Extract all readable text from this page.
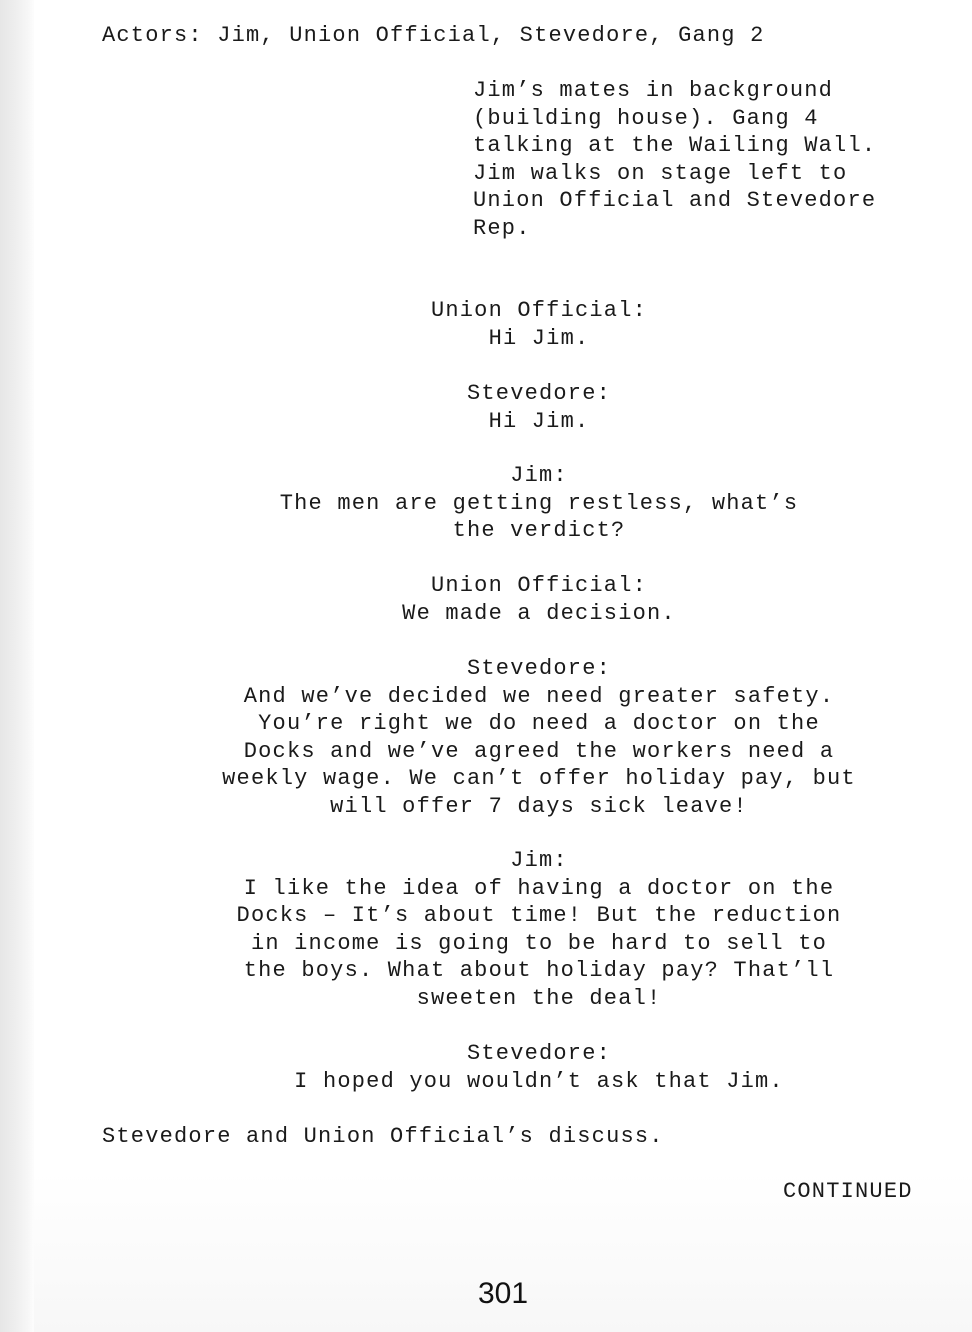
Actors: Jim, Union Official, Stevedore, Gang 2

Jim’s mates in background

(building house). Gang 4

talking at the Wailing Wall.

Jim walks on stage left to

Union Official and Stevedore

Rep.

Union Official:

Hi Jim.

Stevedore:

Hi Jim.

Jim:

The men are getting restless, what’s

the verdict?

Union Official:

We made a decision.

Stevedore:

And we’ve decided we need greater safety.

You’re right we do need a doctor on the

Docks and we’ve agreed the workers need a

weekly wage. We can’t offer holiday pay, but

will offer 7 days sick leave!

Jim:

I like the idea of having a doctor on the

Docks – It’s about time! But the reduction

in income is going to be hard to sell to

the boys. What about holiday pay? That’ll

sweeten the deal!

Stevedore:

I hoped you wouldn’t ask that Jim.

Stevedore and Union Official’s discuss.

CONTINUED

301
